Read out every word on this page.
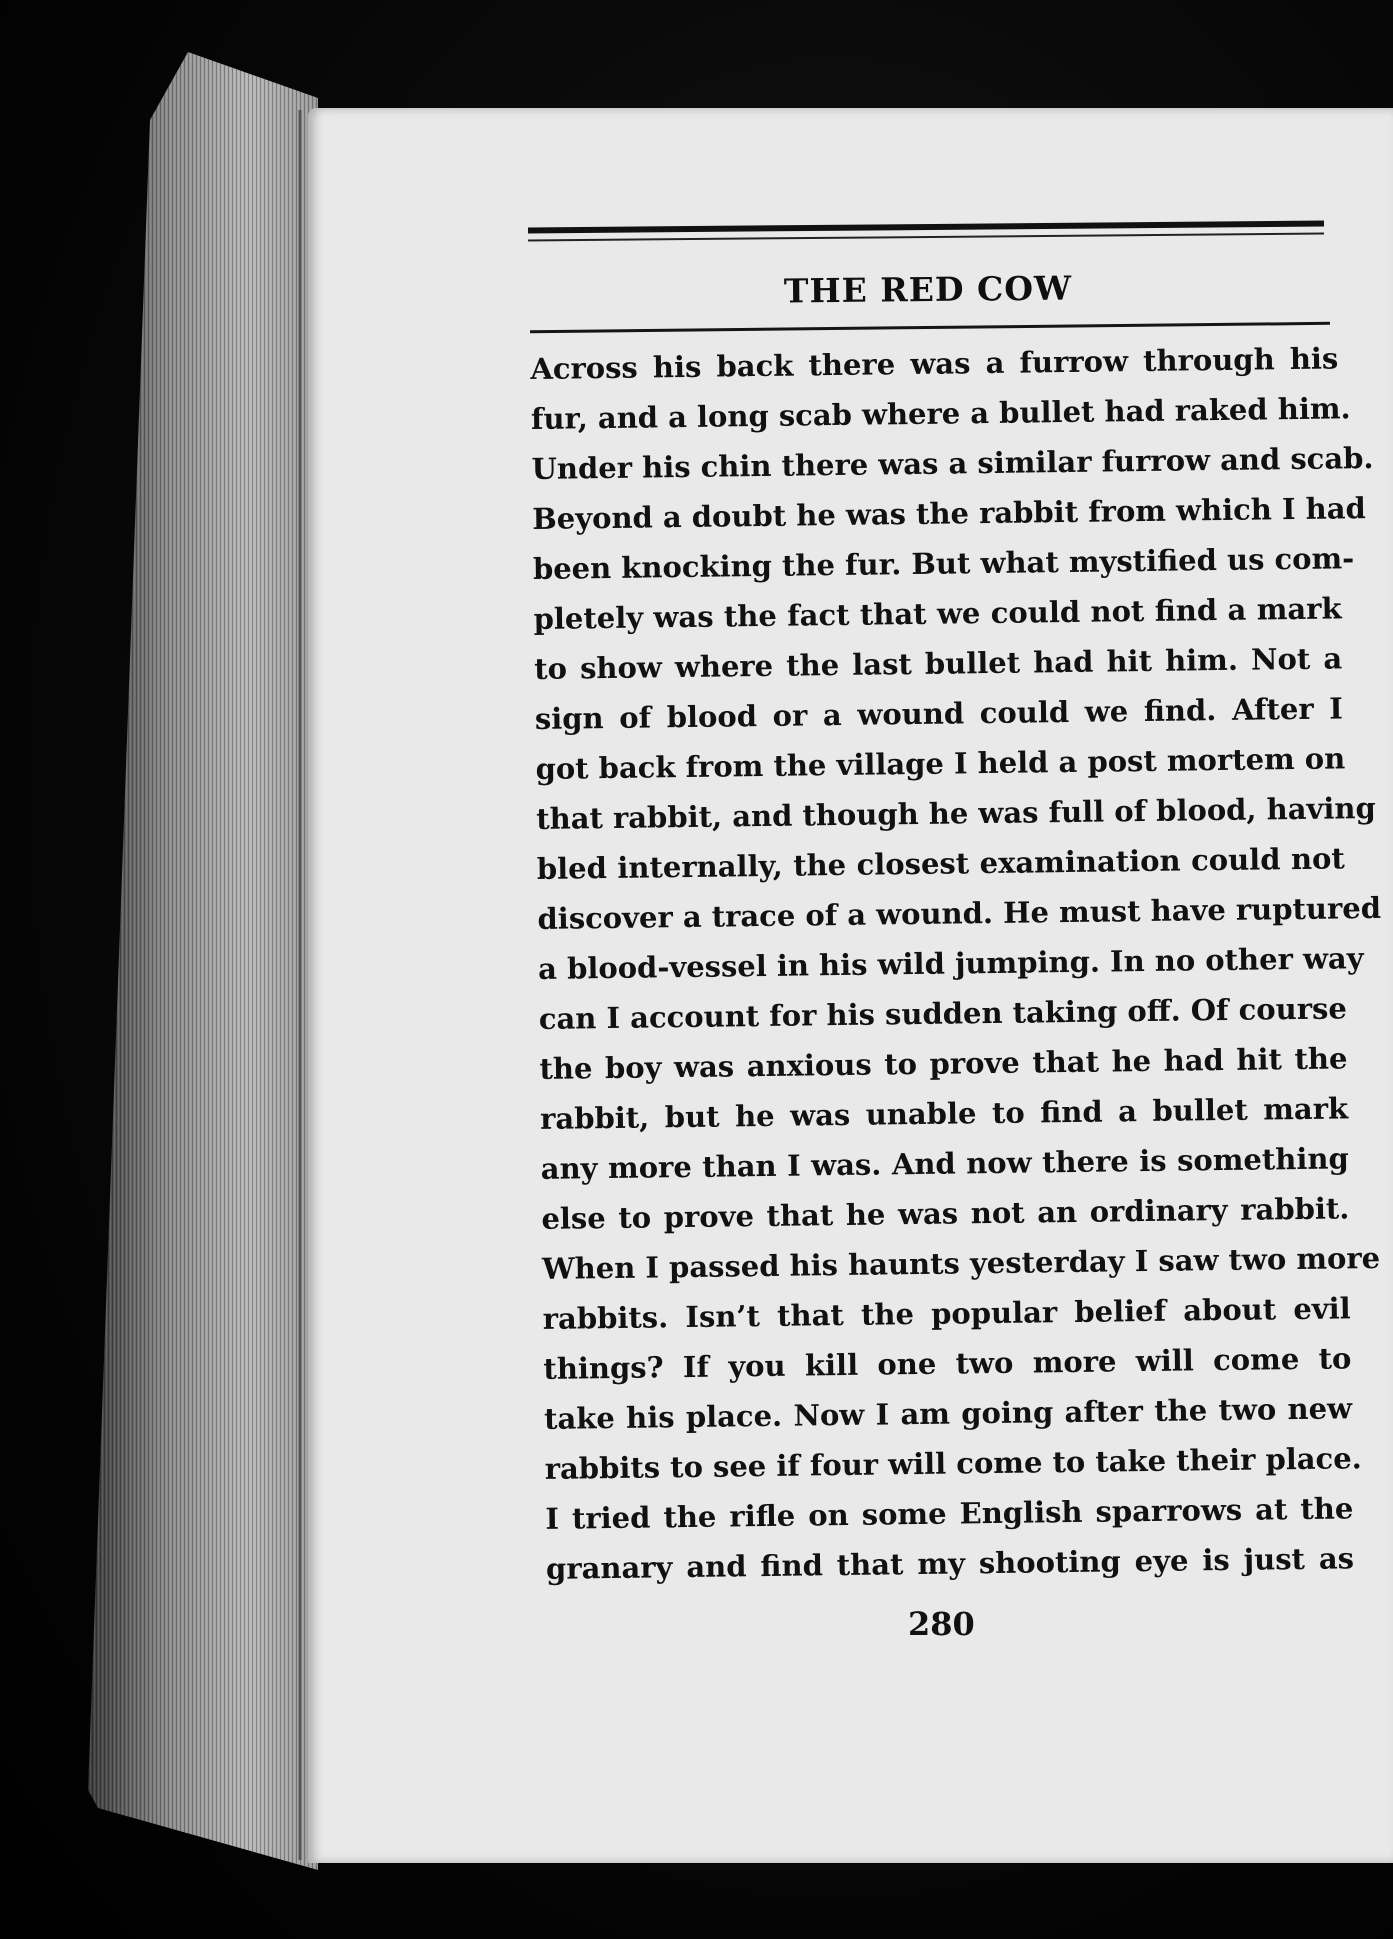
THE RED COW
Across his back there was a furrow through his
fur, and a long scab where a bullet had raked him.
Under his chin there was a similar furrow and scab.
Beyond a doubt he was the rabbit from which I had
been knocking the fur. But what mystified us com-
pletely was the fact that we could not find a mark
to show where the last bullet had hit him. Not a
sign of blood or a wound could we find. After I
got back from the village I held a post mortem on
that rabbit, and though he was full of blood, having
bled internally, the closest examination could not
discover a trace of a wound. He must have ruptured
a blood-vessel in his wild jumping. In no other way
can I account for his sudden taking off. Of course
the boy was anxious to prove that he had hit the
rabbit, but he was unable to find a bullet mark
any more than I was. And now there is something
else to prove that he was not an ordinary rabbit.
When I passed his haunts yesterday I saw two more
rabbits. Isn’t that the popular belief about evil
things? If you kill one two more will come to
take his place. Now I am going after the two new
rabbits to see if four will come to take their place.
I tried the rifle on some English sparrows at the
granary and find that my shooting eye is just as
280
